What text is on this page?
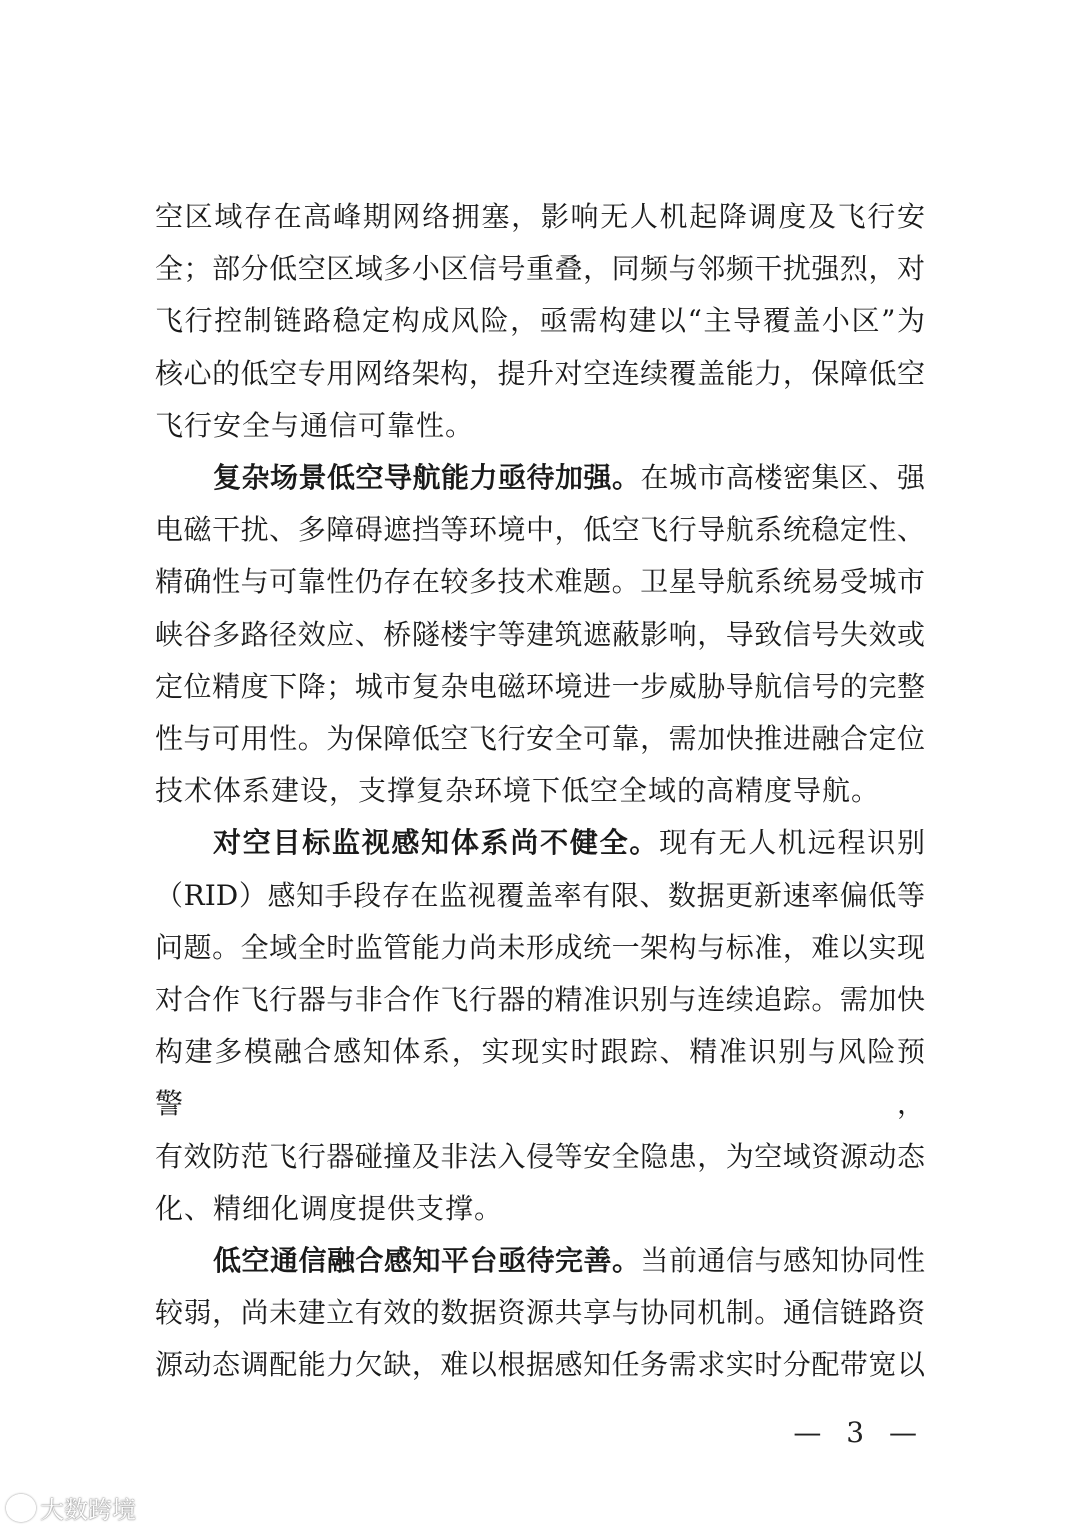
空区域存在高峰期网络拥塞，影响无人机起降调度及飞行安
全；部分低空区域多小区信号重叠，同频与邻频干扰强烈，对
飞行控制链路稳定构成风险，亟需构建以“主导覆盖小区”为
核心的低空专用网络架构，提升对空连续覆盖能力，保障低空
飞行安全与通信可靠性。
复杂场景低空导航能力亟待加强。在城市高楼密集区、强
电磁干扰、多障碍遮挡等环境中，低空飞行导航系统稳定性、
精确性与可靠性仍存在较多技术难题。卫星导航系统易受城市
峡谷多路径效应、桥隧楼宇等建筑遮蔽影响，导致信号失效或
定位精度下降；城市复杂电磁环境进一步威胁导航信号的完整
性与可用性。为保障低空飞行安全可靠，需加快推进融合定位
技术体系建设，支撑复杂环境下低空全域的高精度导航。
对空目标监视感知体系尚不健全。现有无人机远程识别
（RID）感知手段存在监视覆盖率有限、数据更新速率偏低等
问题。全域全时监管能力尚未形成统一架构与标准，难以实现
对合作飞行器与非合作飞行器的精准识别与连续追踪。需加快
构建多模融合感知体系，实现实时跟踪、精准识别与风险预警，
有效防范飞行器碰撞及非法入侵等安全隐患，为空域资源动态
化、精细化调度提供支撑。
低空通信融合感知平台亟待完善。当前通信与感知协同性
较弱，尚未建立有效的数据资源共享与协同机制。通信链路资
源动态调配能力欠缺，难以根据感知任务需求实时分配带宽以
— 3 —
大数跨境
